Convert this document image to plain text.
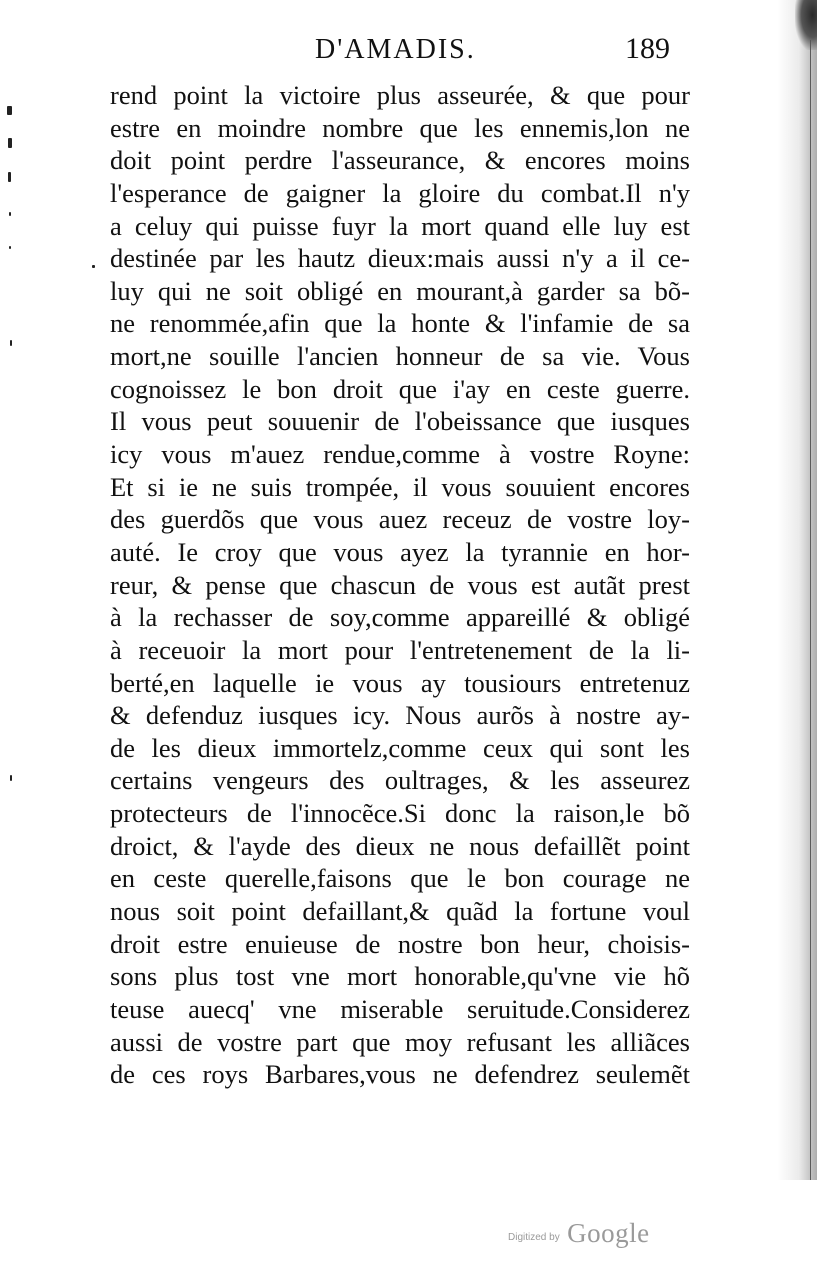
D'AMADIS.	189
rend point la victoire plus asseurée, & que pour
estre en moindre nombre que les ennemis,lon ne
doit point perdre l'asseurance, & encores moins
l'esperance de gaigner la gloire du combat.Il n'y
a celuy qui puisse fuyr la mort quand elle luy est
destinée par les hautz dieux:mais aussi n'y a il ce-
luy qui ne soit obligé en mourant,à garder sa bõ-
ne renommée,afin que la honte & l'infamie de sa
mort,ne souille l'ancien honneur de sa vie. Vous
cognoissez le bon droit que i'ay en ceste guerre.
Il vous peut souuenir de l'obeissance que iusques
icy vous m'auez rendue,comme à vostre Royne:
Et si ie ne suis trompée, il vous souuient encores
des guerdõs que vous auez receuz de vostre loy-
auté. Ie croy que vous ayez la tyrannie en hor-
reur, & pense que chascun de vous est autãt prest
à la rechasser de soy,comme appareillé & obligé
à receuoir la mort pour l'entretenement de la li-
berté,en laquelle ie vous ay tousiours entretenuz
& defenduz iusques icy. Nous aurõs à nostre ay-
de les dieux immortelz,comme ceux qui sont les
certains vengeurs des oultrages, & les asseurez
protecteurs de l'innocẽce.Si donc la raison,le bõ
droict, & l'ayde des dieux ne nous defaillẽt point
en ceste querelle,faisons que le bon courage ne
nous soit point defaillant,& quãd la fortune voul
droit estre enuieuse de nostre bon heur, choisis-
sons plus tost vne mort honorable,qu'vne vie hõ
teuse auecq' vne miserable seruitude.Considerez
aussi de vostre part que moy refusant les alliãces
de ces roys Barbares,vous ne defendrez seulemẽt
Digitized by Google
